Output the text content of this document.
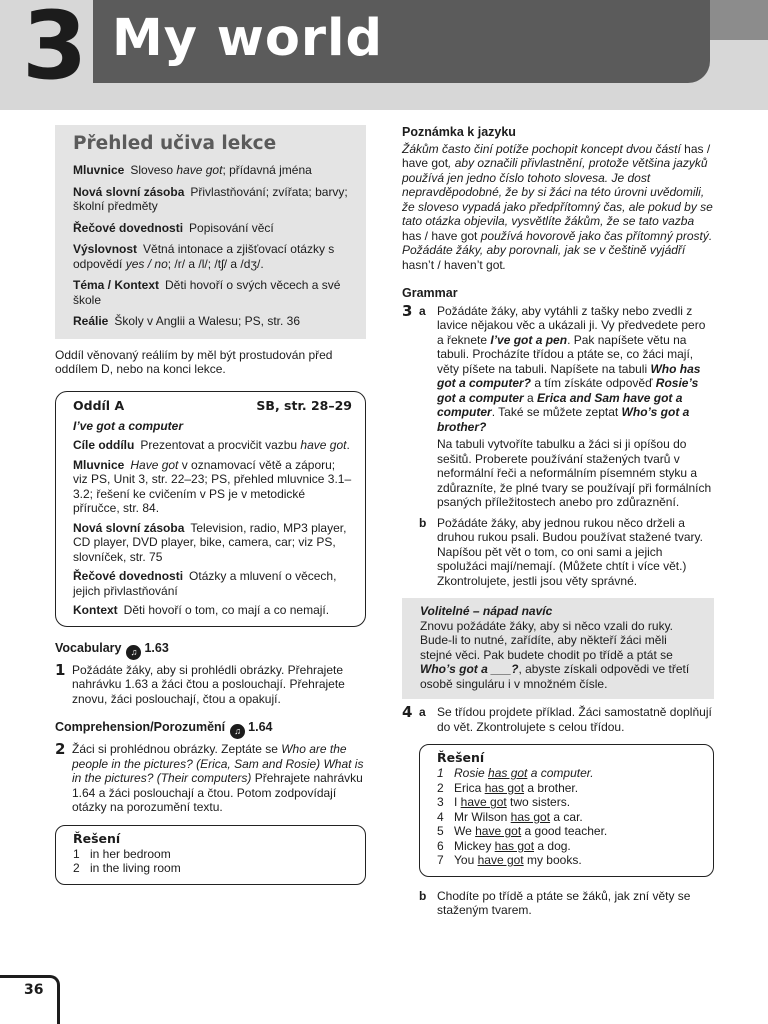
3 My world
Přehled učiva lekce

Mluvnice Sloveso have got; přídavná jména

Nová slovní zásoba Přivlastňování; zvířata; barvy; školní předměty

Řečové dovednosti Popisování věcí

Výslovnost Větná intonace a zjišťovací otázky s odpovědí yes / no; /r/ a /l/; /tʃ/ a /dʒ/.

Téma / Kontext Děti hovoří o svých věcech a své škole

Reálie Školy v Anglii a Walesu; PS, str. 36

Oddíl věnovaný reáliím by měl být prostudován před oddílem D, nebo na konci lekce.

Oddíl A	SB, str. 28–29

I’ve got a computer

Cíle oddílu Prezentovat a procvičit vazbu have got.

Mluvnice Have got v oznamovací větě a záporu; viz PS, Unit 3, str. 22–23; PS, přehled mluvnice 3.1–3.2; řešení ke cvičením v PS je v metodické příručce, str. 84.

Nová slovní zásoba Television, radio, MP3 player, CD player, DVD player, bike, camera, car; viz PS, slovníček, str. 75

Řečové dovednosti Otázky a mluvení o věcech, jejich přivlastňování

Kontext Děti hovoří o tom, co mají a co nemají.

Vocabulary ♫ 1.63

1 Požádáte žáky, aby si prohlédli obrázky. Přehrajete nahrávku 1.63 a žáci čtou a poslouchají. Přehrajete znovu, žáci poslouchají, čtou a opakují.

Comprehension/Porozumění ♫ 1.64

2 Žáci si prohlédnou obrázky. Zeptáte se Who are the people in the pictures? (Erica, Sam and Rosie) What is in the pictures? (Their computers) Přehrajete nahrávku 1.64 a žáci poslouchají a čtou. Potom zodpovídají otázky na porozumění textu.
Řešení
1 in her bedroom
2 in the living room

Poznámka k jazyku

Žákům často činí potíže pochopit koncept dvou částí has / have got, aby označili přivlastnění, protože většina jazyků používá jen jedno číslo tohoto slovesa. Je dost nepravděpodobné, že by si žáci na této úrovni uvědomili, že sloveso vypadá jako předpřítomný čas, ale pokud by se tato otázka objevila, vysvětlíte žákům, že se tato vazba has / have got používá hovorově jako čas přítomný prostý. Požádáte žáky, aby porovnali, jak se v češtině vyjádří hasn’t / haven’t got.

Grammar

3 a Požádáte žáky, aby vytáhli z tašky nebo zvedli z lavice nějakou věc a ukázali ji. Vy předvedete pero a řeknete I’ve got a pen. Pak napíšete větu na tabuli. Procházíte třídou a ptáte se, co žáci mají, věty píšete na tabuli. Napíšete na tabuli Who has got a computer? a tím získáte odpověď Rosie’s got a computer a Erica and Sam have got a computer. Také se můžete zeptat Who’s got a brother?

Na tabuli vytvoříte tabulku a žáci si ji opíšou do sešitů. Proberete používání stažených tvarů v neformální řeči a neformálním písemném styku a zdůrazníte, že plné tvary se používají při formálních psaných příležitostech anebo pro zdůraznění.

b Požádáte žáky, aby jednou rukou něco drželi a druhou rukou psali. Budou používat stažené tvary. Napíšou pět vět o tom, co oni sami a jejich spolužáci mají/nemají. (Můžete chtít i více vět.) Zkontrolujete, jestli jsou věty správné.

Volitelné – nápad navíc

Znovu požádáte žáky, aby si něco vzali do ruky. Bude-li to nutné, zařídíte, aby někteří žáci měli stejné věci. Pak budete chodit po třídě a ptát se Who’s got a ___?, abyste získali odpovědi ve třetí osobě singuláru i v množném čísle.

4 a Se třídou projdete příklad. Žáci samostatně doplňují do vět. Zkontrolujete s celou třídou.
Řešení
1 Rosie has got a computer.
2 Erica has got a brother.
3 I have got two sisters.
4 Mr Wilson has got a car.
5 We have got a good teacher.
6 Mickey has got a dog.
7 You have got my books.
b Chodíte po třídě a ptáte se žáků, jak zní věty se staženým tvarem.
36
